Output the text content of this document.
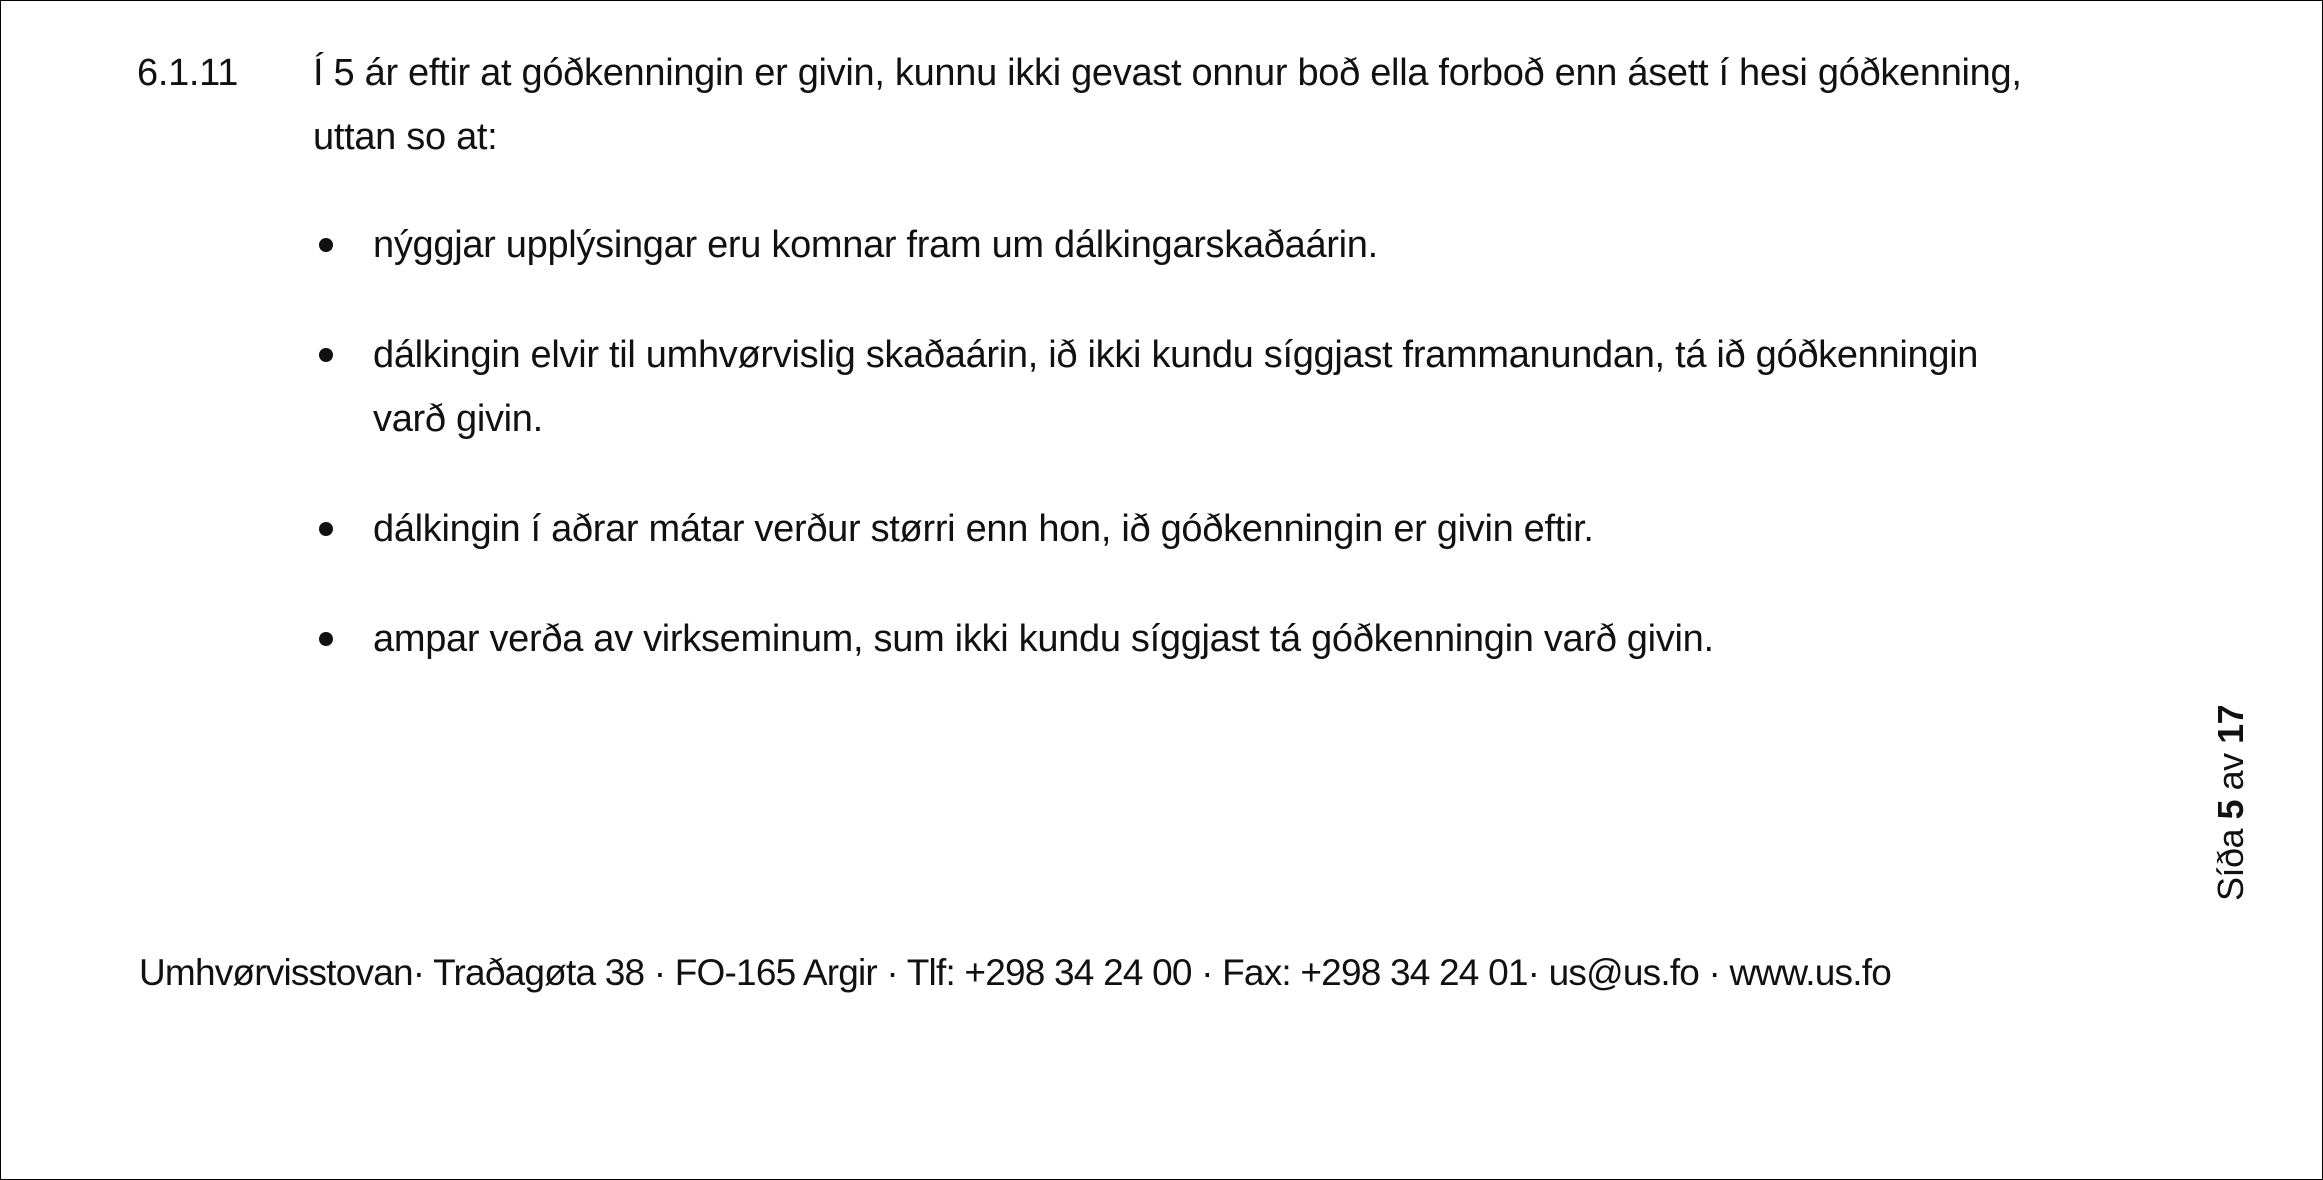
6.1.11 Í 5 ár eftir at góðkenningin er givin, kunnu ikki gevast onnur boð ella forboð enn ásett í hesi góðkenning, uttan so at:
nýggjar upplýsingar eru komnar fram um dálkingarskaðaárin.
dálkingin elvir til umhvørvislig skaðaárin, ið ikki kundu síggjast frammanundan, tá ið góðkenningin varð givin.
dálkingin í aðrar mátar verður størri enn hon, ið góðkenningin er givin eftir.
ampar verða av virkseminum, sum ikki kundu síggjast tá góðkenningin varð givin.
Umhvørvisstovan· Traðagøta 38 · FO-165 Argir · Tlf: +298 34 24 00 · Fax: +298 34 24 01· us@us.fo · www.us.fo
Síða 5 av 17
